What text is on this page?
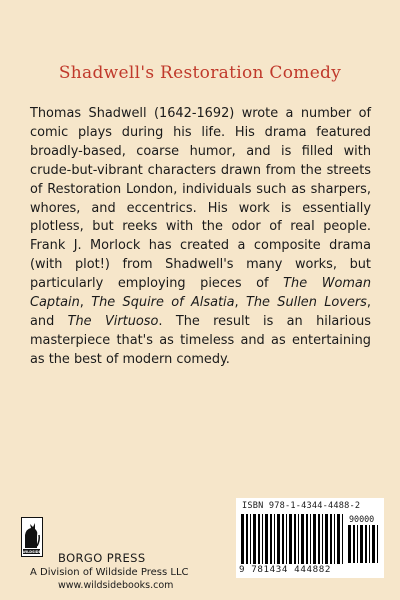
Shadwell's Restoration Comedy

Thomas Shadwell (1642-1692) wrote a number of comic plays during his life. His drama featured broadly-based, coarse humor, and is filled with crude-but-vibrant characters drawn from the streets of Restoration London, individuals such as sharpers, whores, and eccentrics. His work is essentially plotless, but reeks with the odor of real people. Frank J. Morlock has created a composite drama (with plot!) from Shadwell's many works, but particularly employing pieces of The Woman Captain, The Squire of Alsatia, The Sullen Lovers, and The Virtuoso. The result is an hilarious masterpiece that's as timeless and as entertaining as the best of modern comedy.

WILDSIDE BORGO PRESS
A Division of Wildside Press LLC
www.wildsidebooks.com
ISBN 978-1-4344-4488-2
90000
9 781434 444882
